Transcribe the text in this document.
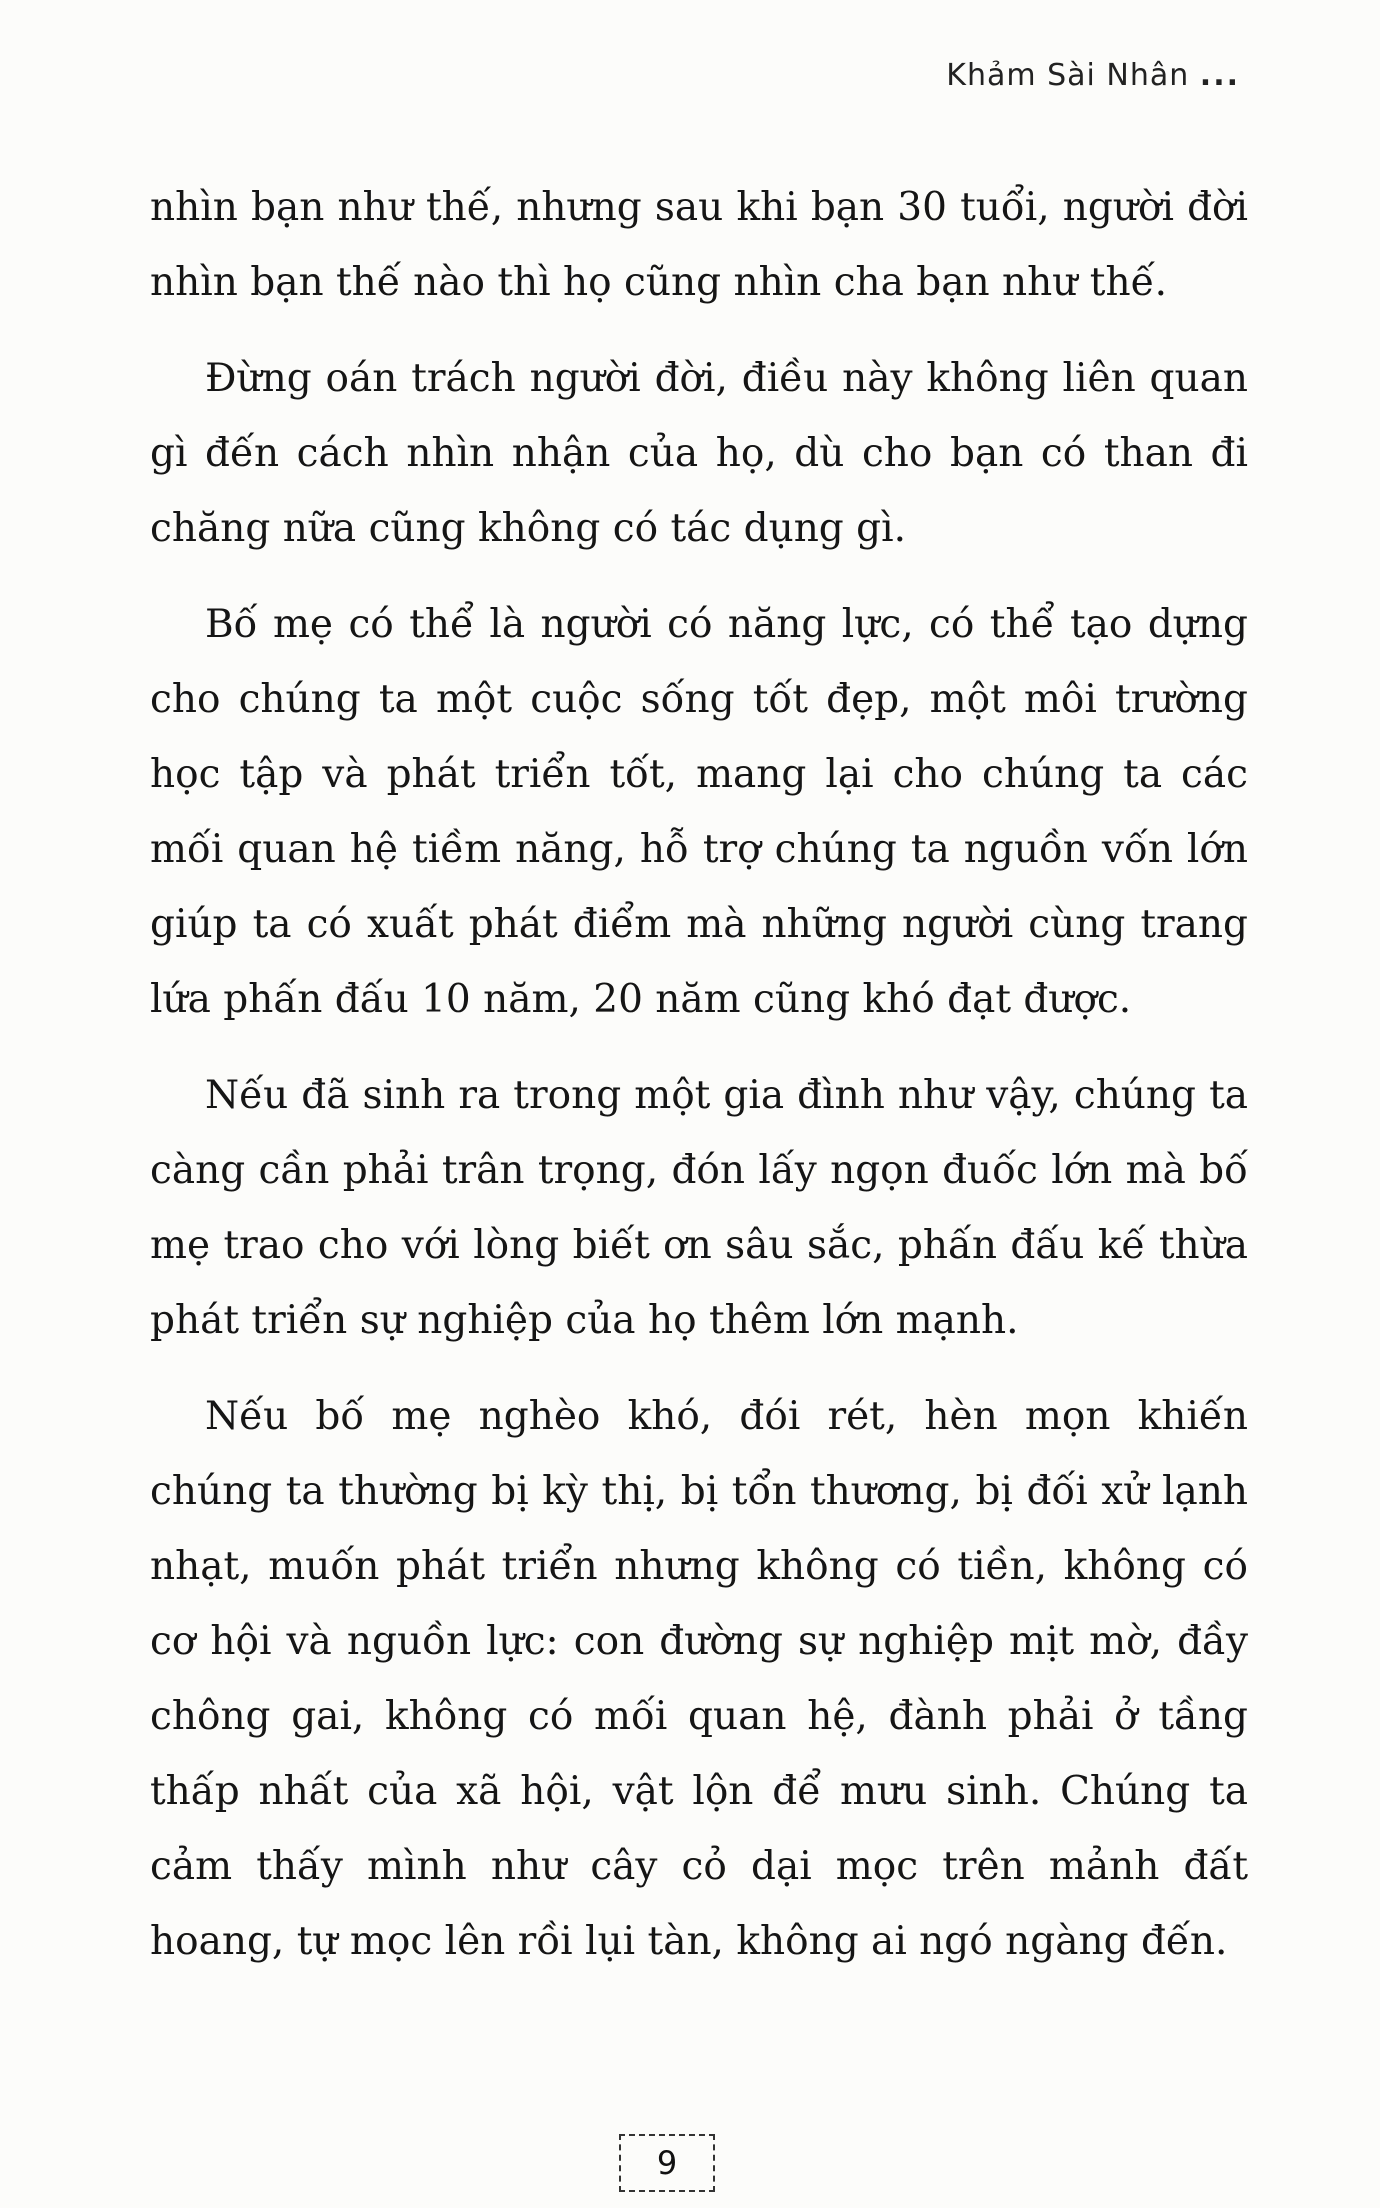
Khảm Sài Nhân ...

nhìn bạn như thế, nhưng sau khi bạn 30 tuổi, người đời nhìn bạn thế nào thì họ cũng nhìn cha bạn như thế.

Đừng oán trách người đời, điều này không liên quan gì đến cách nhìn nhận của họ, dù cho bạn có than đi chăng nữa cũng không có tác dụng gì.

Bố mẹ có thể là người có năng lực, có thể tạo dựng cho chúng ta một cuộc sống tốt đẹp, một môi trường học tập và phát triển tốt, mang lại cho chúng ta các mối quan hệ tiềm năng, hỗ trợ chúng ta nguồn vốn lớn giúp ta có xuất phát điểm mà những người cùng trang lứa phấn đấu 10 năm, 20 năm cũng khó đạt được.

Nếu đã sinh ra trong một gia đình như vậy, chúng ta càng cần phải trân trọng, đón lấy ngọn đuốc lớn mà bố mẹ trao cho với lòng biết ơn sâu sắc, phấn đấu kế thừa phát triển sự nghiệp của họ thêm lớn mạnh.

Nếu bố mẹ nghèo khó, đói rét, hèn mọn khiến chúng ta thường bị kỳ thị, bị tổn thương, bị đối xử lạnh nhạt, muốn phát triển nhưng không có tiền, không có cơ hội và nguồn lực: con đường sự nghiệp mịt mờ, đầy chông gai, không có mối quan hệ, đành phải ở tầng thấp nhất của xã hội, vật lộn để mưu sinh. Chúng ta cảm thấy mình như cây cỏ dại mọc trên mảnh đất hoang, tự mọc lên rồi lụi tàn, không ai ngó ngàng đến.

9
